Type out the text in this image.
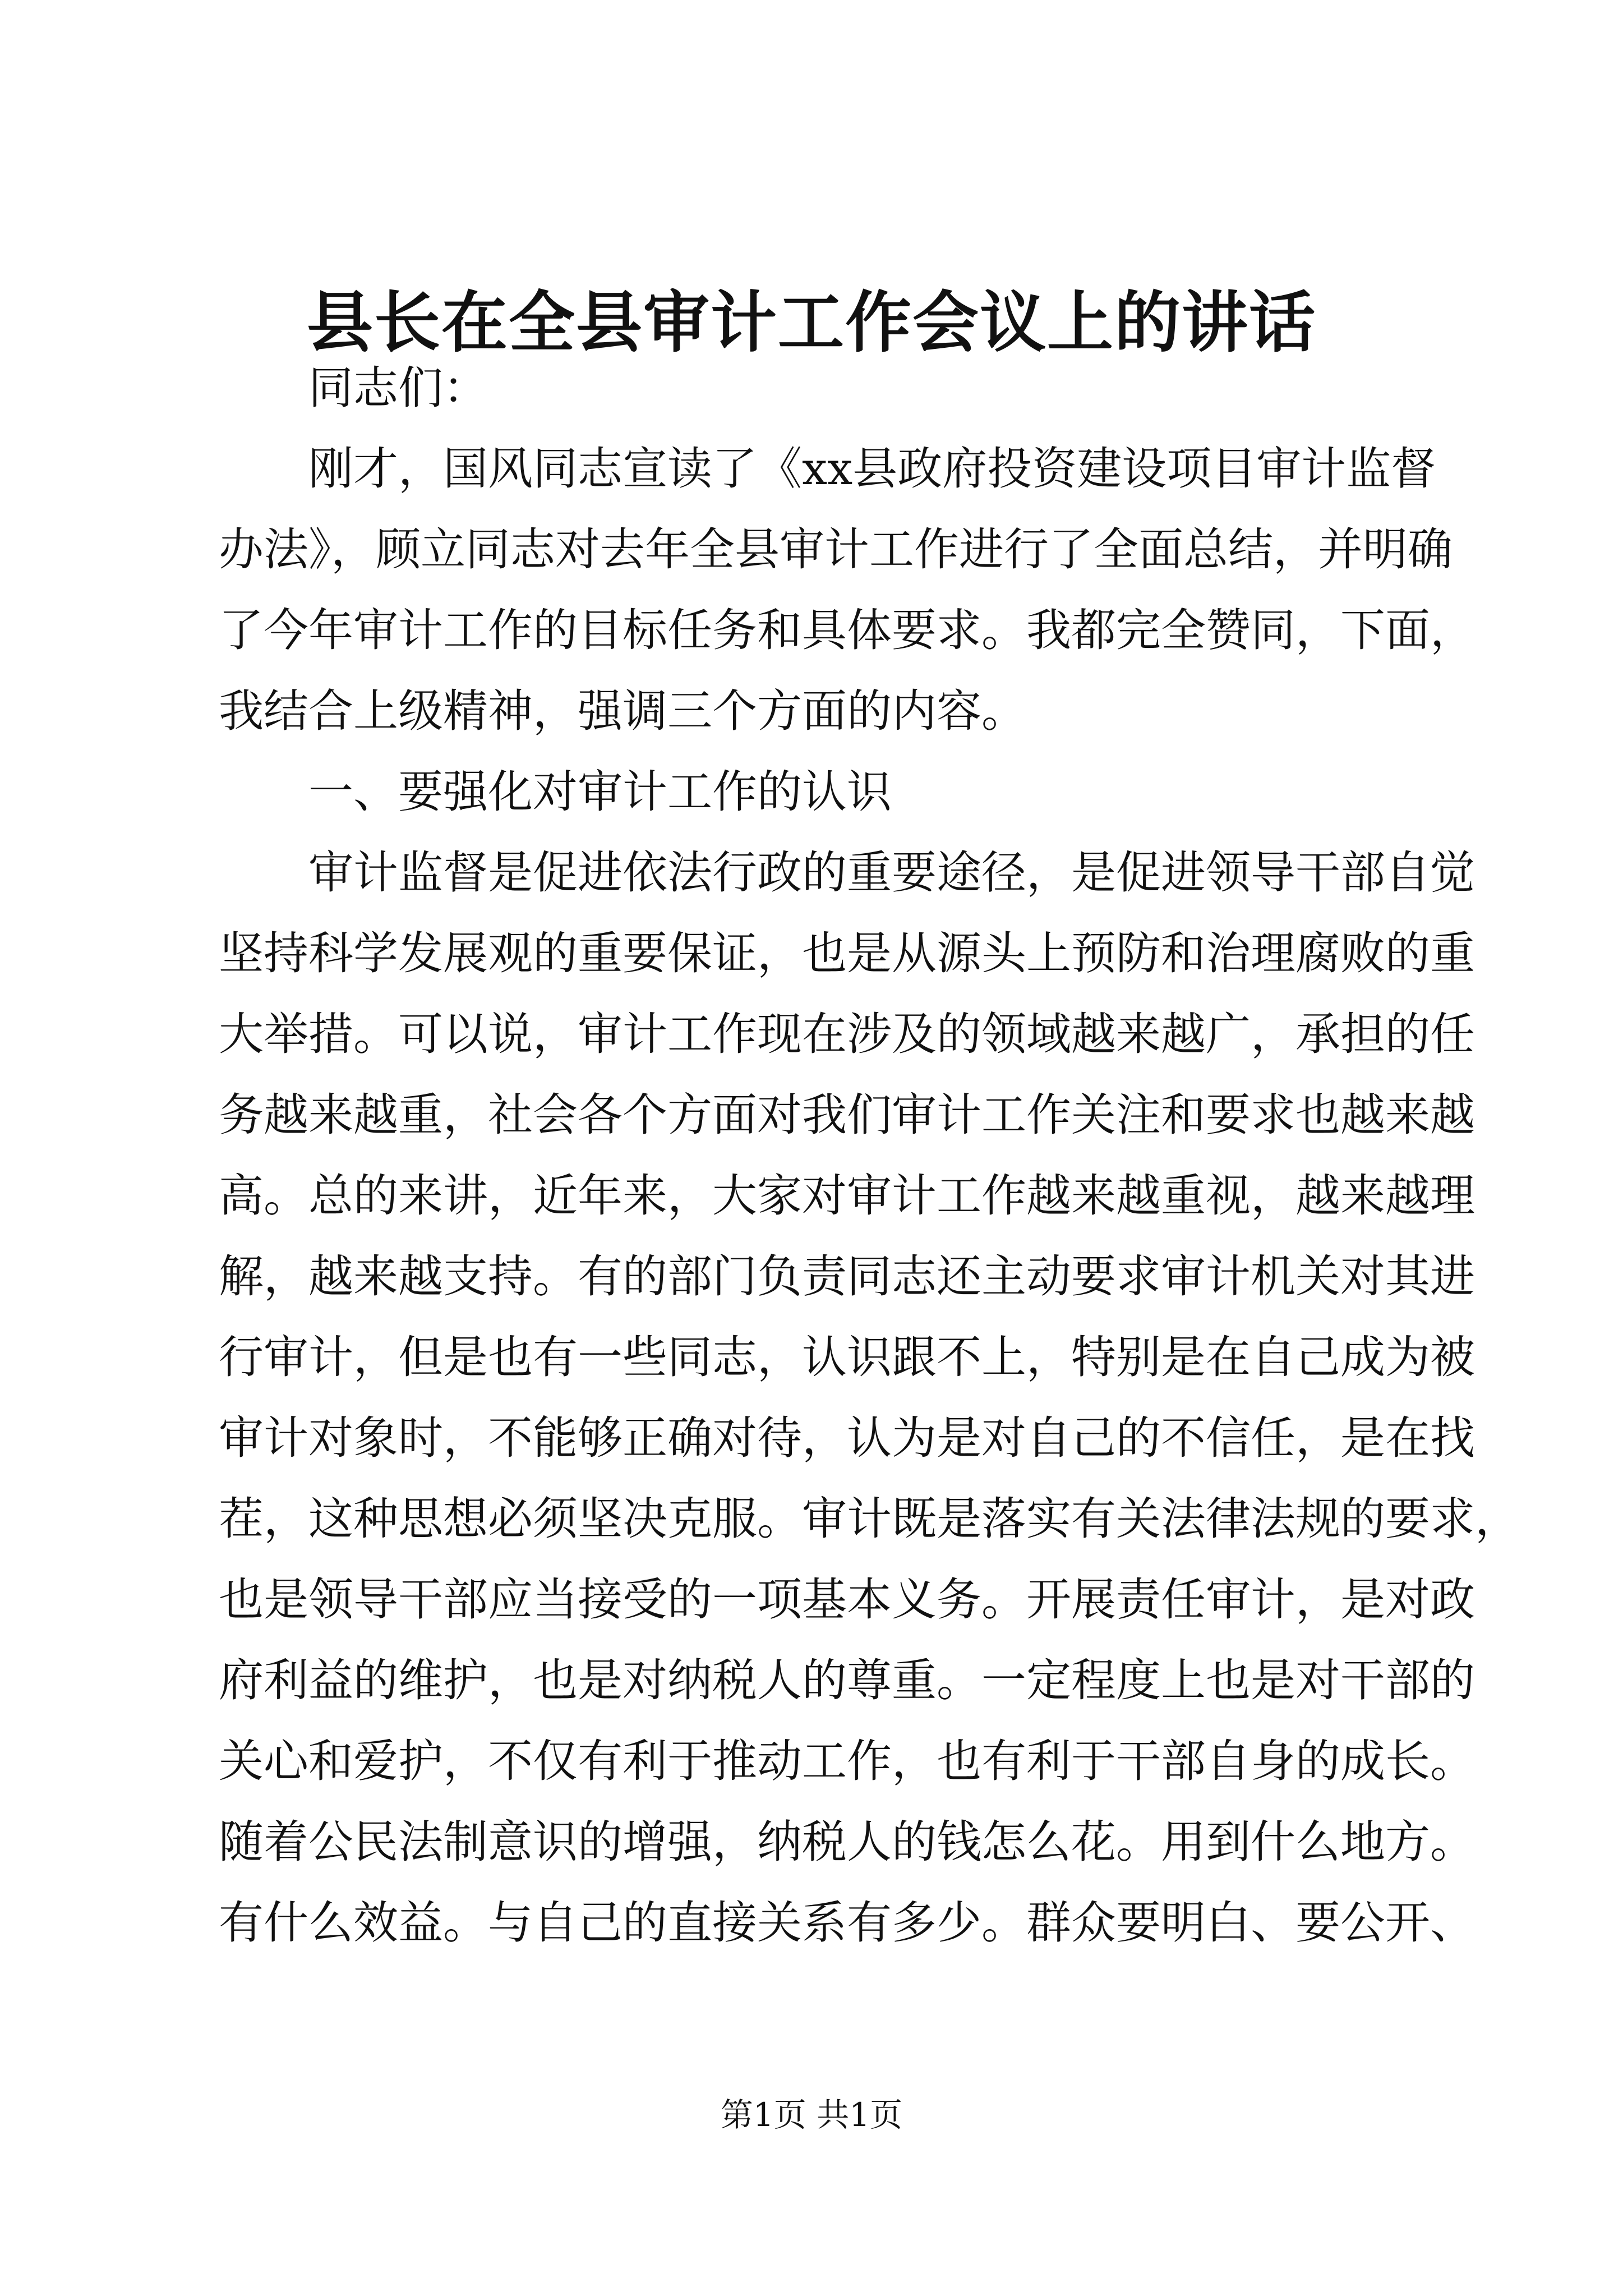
县长在全县审计工作会议上的讲话
同志们：
刚才，国风同志宣读了《xx县政府投资建设项目审计监督
办法》，顾立同志对去年全县审计工作进行了全面总结，并明确
了今年审计工作的目标任务和具体要求。我都完全赞同，下面，
我结合上级精神，强调三个方面的内容。
一、要强化对审计工作的认识
审计监督是促进依法行政的重要途径，是促进领导干部自觉
坚持科学发展观的重要保证，也是从源头上预防和治理腐败的重
大举措。可以说，审计工作现在涉及的领域越来越广，承担的任
务越来越重，社会各个方面对我们审计工作关注和要求也越来越
高。总的来讲，近年来，大家对审计工作越来越重视，越来越理
解，越来越支持。有的部门负责同志还主动要求审计机关对其进
行审计，但是也有一些同志，认识跟不上，特别是在自己成为被
审计对象时，不能够正确对待，认为是对自己的不信任，是在找
茬，这种思想必须坚决克服。审计既是落实有关法律法规的要求，
也是领导干部应当接受的一项基本义务。开展责任审计，是对政
府利益的维护，也是对纳税人的尊重。一定程度上也是对干部的
关心和爱护，不仅有利于推动工作，也有利于干部自身的成长。
随着公民法制意识的增强，纳税人的钱怎么花。用到什么地方。
有什么效益。与自己的直接关系有多少。群众要明白、要公开、
第1页 共1页
